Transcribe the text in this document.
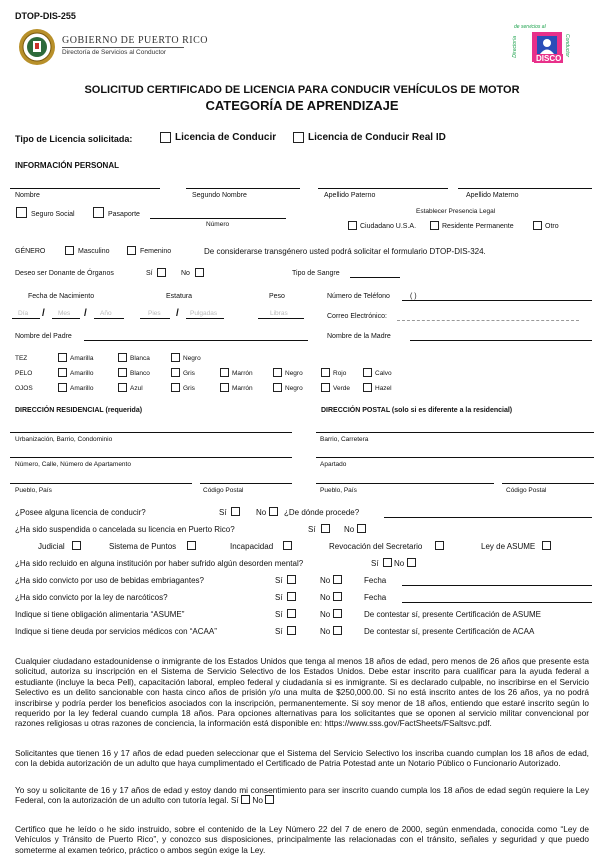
DTOP-DIS-255
GOBIERNO DE PUERTO RICO
Directoría de Servicios al Conductor
de servicios al
Directoría	Conductor
DISCO
SOLICITUD CERTIFICADO DE LICENCIA PARA CONDUCIR VEHÍCULOS DE MOTOR
CATEGORÍA DE APRENDIZAJE
Tipo de Licencia solicitada:	Licencia de Conducir	Licencia de Conducir Real ID
INFORMACIÓN PERSONAL
Nombre	Segundo Nombre	Apellido Paterno	Apellido Materno
Seguro Social	Pasaporte
Número
Establecer Presencia Legal
Ciudadano U.S.A.	Residente Permanente	Otro
GÉNERO	Masculino	Femenino	De considerarse transgénero usted podrá solicitar el formulario DTOP-DIS-324.
Deseo ser Donante de Órganos	Sí	No	Tipo de Sangre
Fecha de Nacimiento	Estatura	Peso	Número de Teléfono	( )
Día / Mes / Año	Pies / Pulgadas	Libras	Correo Electrónico:
Nombre del Padre	Nombre de la Madre
TEZ	Amarilla	Blanca	Negro
PELO	Amarillo	Blanco	Gris	Marrón	Negro	Rojo	Calvo
OJOS	Amarillo	Azul	Gris	Marrón	Negro	Verde	Hazel
DIRECCIÓN RESIDENCIAL (requerida)	DIRECCIÓN POSTAL (solo si es diferente a la residencial)
Urbanización, Barrio, Condominio	Barrio, Carretera
Número, Calle, Número de Apartamento	Apartado
Pueblo, País	Código Postal	Pueblo, País	Código Postal
¿Posee alguna licencia de conducir?	Sí	No ¿De dónde procede?
¿Ha sido suspendida o cancelada su licencia en Puerto Rico?	Sí	No
Judicial	Sistema de Puntos	Incapacidad	Revocación del Secretario	Ley de ASUME
¿Ha sido recluido en alguna institución por haber sufrido algún desorden mental?	Sí No
¿Ha sido convicto por uso de bebidas embriagantes?	Sí	No	Fecha
¿Ha sido convicto por la ley de narcóticos?	Sí	No	Fecha
Indique si tiene obligación alimentaria “ASUME”	Sí	No	De contestar sí, presente Certificación de ASUME
Indique si tiene deuda por servicios médicos con “ACAA”	Sí	No	De contestar sí, presente Certificación de ACAA
Cualquier ciudadano estadounidense o inmigrante de los Estados Unidos que tenga al menos 18 años de edad, pero menos de 26 años que presente esta solicitud, autoriza su inscripción en el Sistema de Servicio Selectivo de los Estados Unidos. Debe estar inscrito para cualificar para la ayuda federal a estudiante (incluye la beca Pell), capacitación laboral, empleo federal y ciudadanía si es inmigrante. Si es declarado culpable, no inscribirse en el Servicio Selectivo es un delito sancionable con hasta cinco años de prisión y/o una multa de $250,000.00. Si no está inscrito antes de los 26 años, ya no podrá inscribirse y podría perder los beneficios asociados con la inscripción, permanentemente. Si soy menor de 18 años, entiendo que estaré inscrito según lo requerido por la ley federal cuando cumpla 18 años. Para opciones alternativas para los solicitantes que se oponen al servicio militar convencional por razones religiosas u otras razones de conciencia, la información está disponible en: https://www.sss.gov/FactSheets/FSaltsvc.pdf.
Solicitantes que tienen 16 y 17 años de edad pueden seleccionar que el Sistema del Servicio Selectivo los inscriba cuando cumplan los 18 años de edad, con la debida autorización de un adulto que haya cumplimentado el Certificado de Patria Potestad ante un Notario Público o Funcionario Autorizado.
Yo soy u solicitante de 16 y 17 años de edad y estoy dando mi consentimiento para ser inscrito cuando cumpla los 18 años de edad según requiere la Ley Federal, con la autorización de un adulto con tutoría legal. Sí No
Certifico que he leído o he sido instruido, sobre el contenido de la Ley Número 22 del 7 de enero de 2000, según enmendada, conocida como “Ley de Vehículos y Tránsito de Puerto Rico”, y conozco sus disposiciones, principalmente las relacionadas con el tránsito, señales y seguridad y que puedo someterme al examen teórico, práctico o ambos según exige la Ley.
